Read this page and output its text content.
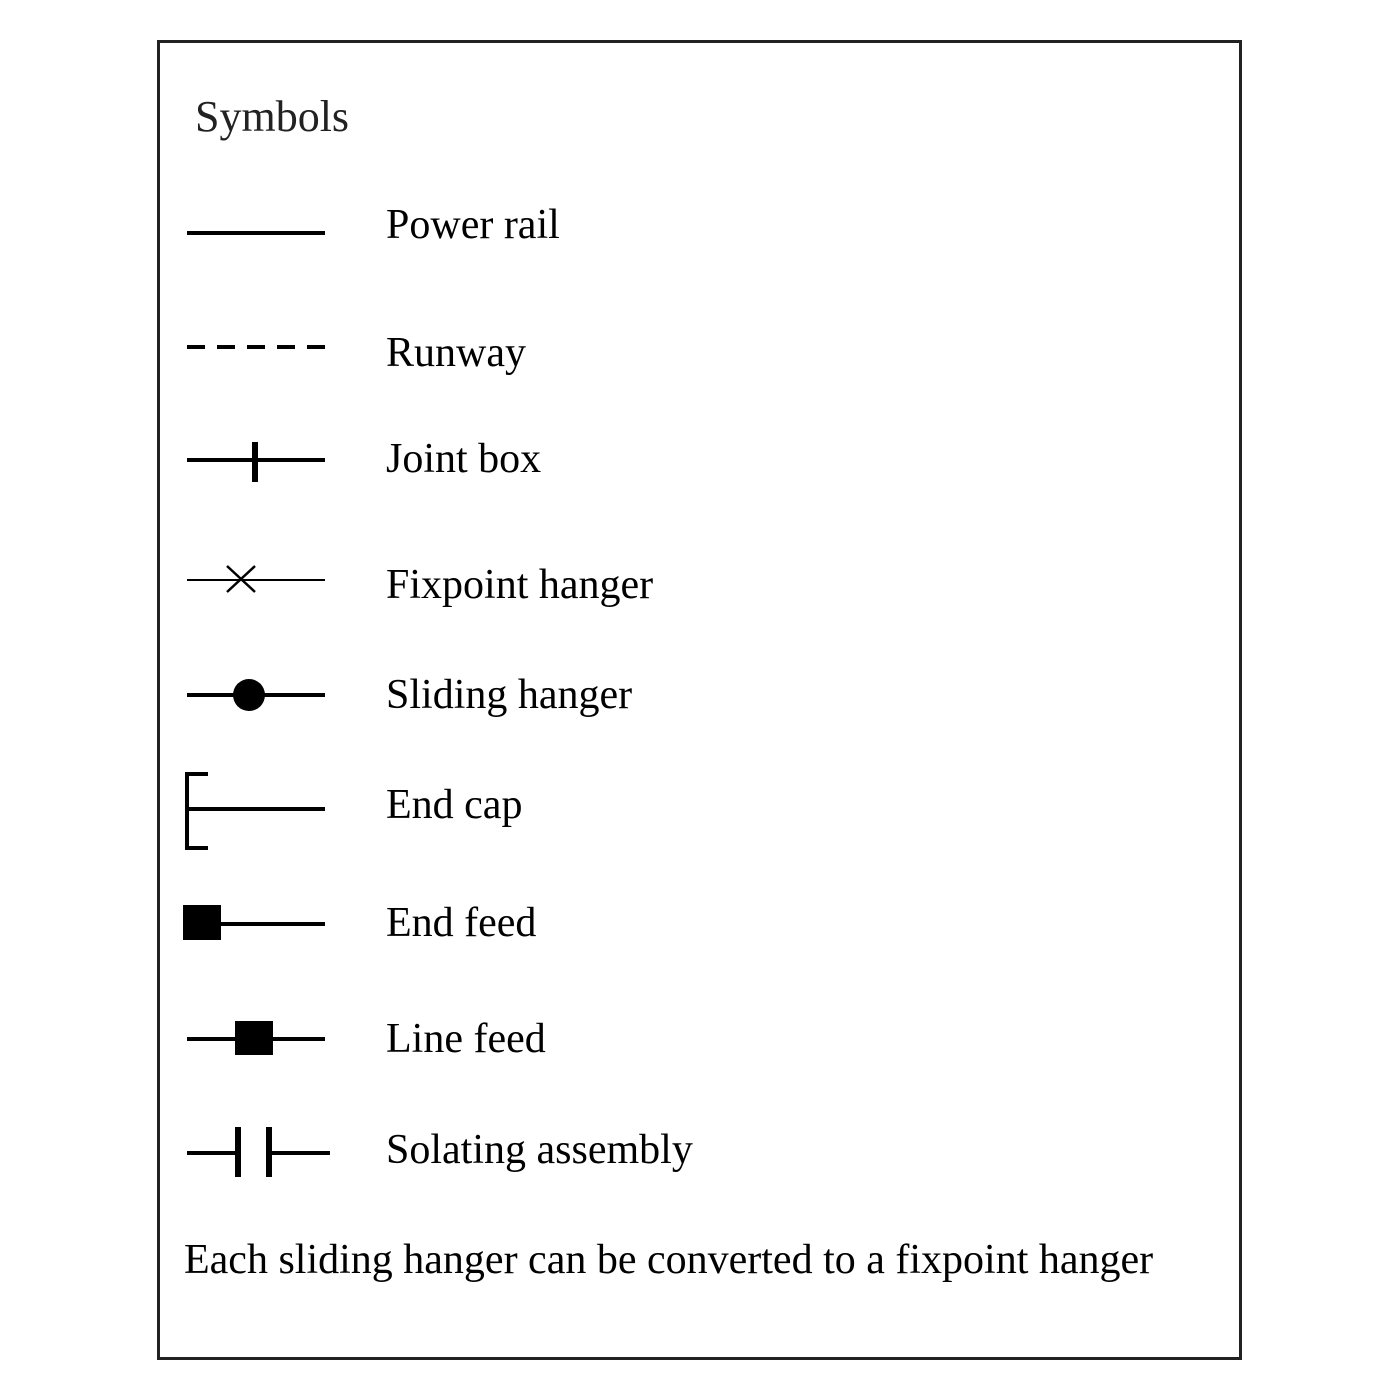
Symbols
Power rail
Runway
Joint box
Fixpoint hanger
Sliding hanger
End cap
End feed
Line feed
Solating assembly
Each sliding hanger can be converted to a fixpoint hanger
